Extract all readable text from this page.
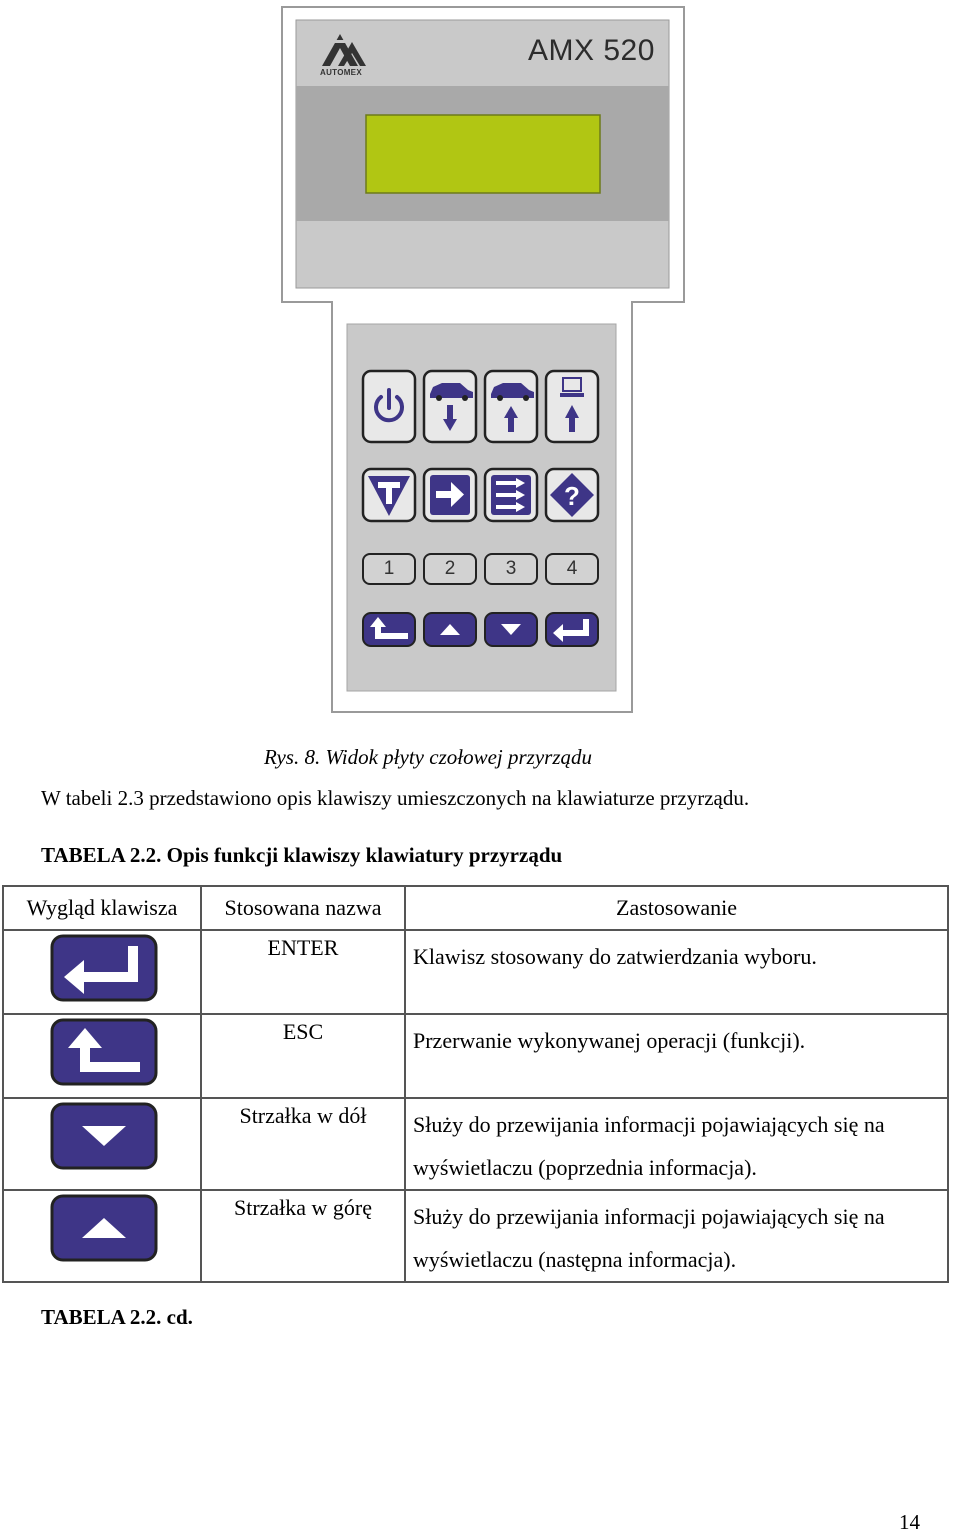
?
AMX 520
AUTOMEX
1	2	3	4
Rys. 8. Widok płyty czołowej przyrządu
W tabeli 2.3 przedstawiono opis klawiszy umieszczonych na klawiaturze przyrządu.
TABELA 2.2. Opis funkcji klawiszy klawiatury przyrządu
Wygląd klawisza	Stosowana nazwa	Zastosowanie

	ENTER	Klawisz stosowany do zatwierdzania wyboru.

	ESC	Przerwanie wykonywanej operacji (funkcji).

	Strzałka w dół	Służy do przewijania informacji pojawiających się na wyświetlaczu (poprzednia informacja).

	Strzałka w górę	Służy do przewijania informacji pojawiających się na wyświetlaczu (następna informacja).
TABELA 2.2. cd.
14
